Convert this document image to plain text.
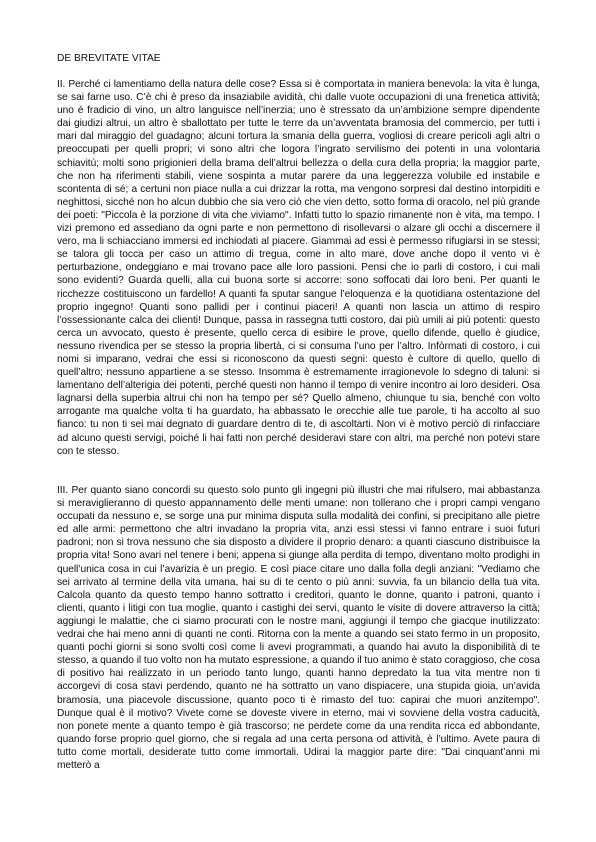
DE BREVITATE VITAE

II. Perché ci lamentiamo della natura delle cose? Essa si è comportata in maniera benevola: la vita è lunga, se sai farne uso. C’è chi è preso da insaziabile avidità, chi dalle vuote occupazioni di una frenetica attività; uno è fradicio di vino, un altro languisce nell’inerzia; uno è stressato da un’ambizione sempre dipendente dai giudizi altrui, un altro è sballottato per tutte le terre da un’avventata bramosia del commercio, per tutti i mari dal miraggio del guadagno; alcuni tortura la smania della guerra, vogliosi di creare pericoli agli altri o preoccupati per quelli propri; vi sono altri che logora l’ingrato servilismo dei potenti in una volontaria schiavitù; molti sono prigionieri della brama dell’altrui bellezza o della cura della propria; la maggior parte, che non ha riferimenti stabili, viene sospinta a mutar parere da una leggerezza volubile ed instabile e scontenta di sé; a certuni non piace nulla a cui drizzar la rotta, ma vengono sorpresi dal destino intorpiditi e neghittosi, sicché non ho alcun dubbio che sia vero ciò che vien detto, sotto forma di oracolo, nel più grande dei poeti: "Piccola è la porzione di vita che viviamo". Infatti tutto lo spazio rimanente non è vita, ma tempo. I vizi premono ed assediano da ogni parte e non permettono di risollevarsi o alzare gli occhi a discernere il vero, ma li schiacciano immersi ed inchiodati al piacere. Giammai ad essi è permesso rifugiarsi in se stessi; se talora gli tocca per caso un attimo di tregua, come in alto mare, dove anche dopo il vento vi è perturbazione, ondeggiano e mai trovano pace alle loro passioni. Pensi che io parli di costoro, i cui mali sono evidenti? Guarda quelli, alla cui buona sorte si accorre: sono soffocati dai loro beni. Per quanti le ricchezze costituiscono un fardello! A quanti fa sputar sangue l’eloquenza e la quotidiana ostentazione del proprio ingegno! Quanti sono pallidi per i continui piaceri! A quanti non lascia un attimo di respiro l’ossessionante calca dei clienti! Dunque, passa in rassegna tutti costoro, dai più umili ai più potenti: questo cerca un avvocato, questo è presente, quello cerca di esibire le prove, quello difende, quello è giudice, nessuno rivendica per se stesso la propria libertà, ci si consuma l’uno per l’altro. Infòrmati di costoro, i cui nomi si imparano, vedrai che essi si riconoscono da questi segni: questo è cultore di quello, quello di quell’altro; nessuno appartiene a se stesso. Insomma è estremamente irragionevole lo sdegno di taluni: si lamentano dell’alterigia dei potenti, perché questi non hanno il tempo di venire incontro ai loro desideri. Osa lagnarsi della superbia altrui chi non ha tempo per sé? Quello almeno, chiunque tu sia, benché con volto arrogante ma qualche volta ti ha guardato, ha abbassato le orecchie alle tue parole, ti ha accolto al suo fianco: tu non ti sei mai degnato di guardare dentro di te, di ascoltarti. Non vi è motivo perciò di rinfacciare ad alcuno questi servigi, poiché li hai fatti non perché desideravi stare con altri, ma perché non potevi stare con te stesso.

III. Per quanto siano concordi su questo solo punto gli ingegni più illustri che mai rifulsero, mai abbastanza si meraviglieranno di questo appannamento delle menti umane: non tollerano che i propri campi vengano occupati da nessuno e, se sorge una pur minima disputa sulla modalità dei confini, si precipitano alle pietre ed alle armi: permettono che altri invadano la propria vita, anzi essi stessi vi fanno entrare i suoi futuri padroni; non si trova nessuno che sia disposto a dividere il proprio denaro: a quanti ciascuno distribuisce la propria vita! Sono avari nel tenere i beni; appena si giunge alla perdita di tempo, diventano molto prodighi in quell’unica cosa in cui l’avarizia è un pregio. E così piace citare uno dalla folla degli anziani: "Vediamo che sei arrivato al termine della vita umana, hai su di te cento o più anni: suvvia, fa un bilancio della tua vita. Calcola quanto da questo tempo hanno sottratto i creditori, quanto le donne, quanto i patroni, quanto i clienti, quanto i litigi con tua moglie, quanto i castighi dei servi, quanto le visite di dovere attraverso la città; aggiungi le malattie, che ci siamo procurati con le nostre mani, aggiungi il tempo che giacque inutilizzato: vedrai che hai meno anni di quanti ne conti. Ritorna con la mente a quando sei stato fermo in un proposito, quanti pochi giorni si sono svolti così come li avevi programmati, a quando hai avuto la disponibilità di te stesso, a quando il tuo volto non ha mutato espressione, a quando il tuo animo è stato coraggioso, che cosa di positivo hai realizzato in un periodo tanto lungo, quanti hanno depredato la tua vita mentre non ti accorgevi di cosa stavi perdendo, quanto ne ha sottratto un vano dispiacere, una stupida gioia, un’avida bramosia, una piacevole discussione, quanto poco ti è rimasto del tuo: capirai che muori anzitempo". Dunque qual è il motivo? Vivete come se doveste vivere in eterno, mai vi sovviene della vostra caducità, non ponete mente a quanto tempo è già trascorso; ne perdete come da una rendita ricca ed abbondante, quando forse proprio quel giorno, che si regala ad una certa persona od attività, è l’ultimo. Avete paura di tutto come mortali, desiderate tutto come immortali. Udirai la maggior parte dire: "Dai cinquant’anni mi metterò a
